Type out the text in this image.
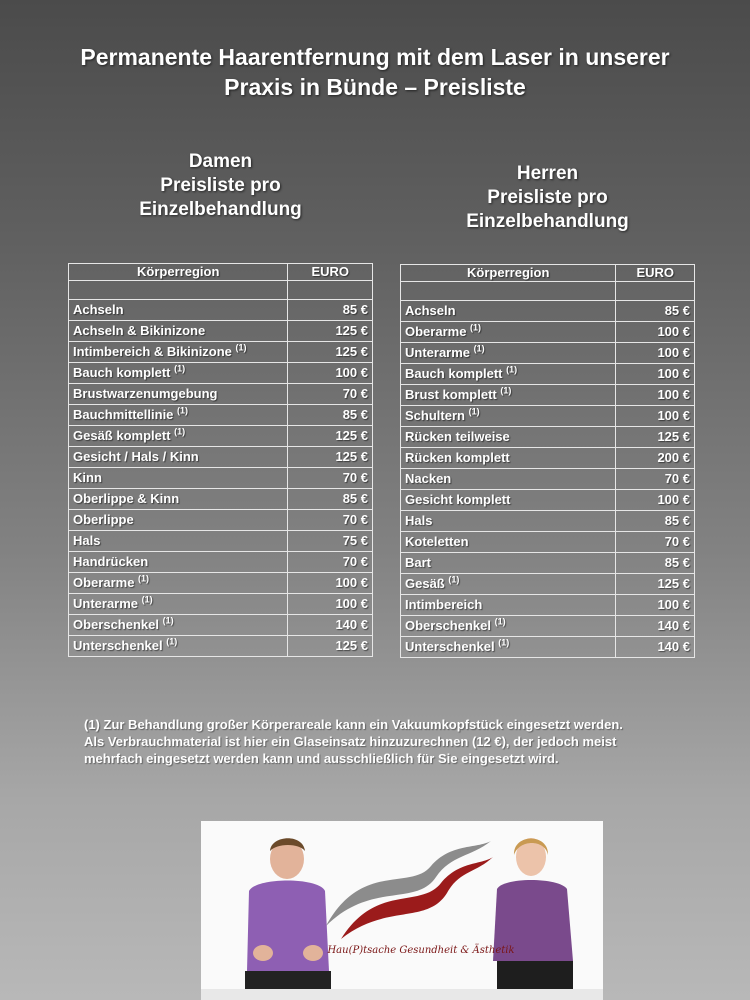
Permanente Haarentfernung mit dem Laser in unserer
Praxis in Bünde – Preisliste
Damen
Preisliste pro
Einzelbehandlung
Herren
Preisliste pro
Einzelbehandlung
Körperregion	EURO

Achseln	85 €
Achseln & Bikinizone	125 €
Intimbereich & Bikinizone $^{(1)}$	125 €
Bauch komplett $^{(1)}$	100 €
Brustwarzenumgebung	70 €
Bauchmittellinie $^{(1)}$	85 €
Gesäß komplett $^{(1)}$	125 €
Gesicht / Hals / Kinn	125 €
Kinn	70 €
Oberlippe & Kinn	85 €
Oberlippe	70 €
Hals	75 €
Handrücken	70 €
Oberarme $^{(1)}$	100 €
Unterarme $^{(1)}$	100 €
Oberschenkel $^{(1)}$	140 €
Unterschenkel $^{(1)}$	125 €
Körperregion	EURO

Achseln	85 €
Oberarme $^{(1)}$	100 €
Unterarme $^{(1)}$	100 €
Bauch komplett $^{(1)}$	100 €
Brust komplett $^{(1)}$	100 €
Schultern $^{(1)}$	100 €
Rücken teilweise	125 €
Rücken komplett	200 €
Nacken	70 €
Gesicht komplett	100 €
Hals	85 €
Koteletten	70 €
Bart	85 €
Gesäß $^{(1)}$	125 €
Intimbereich	100 €
Oberschenkel $^{(1)}$	140 €
Unterschenkel $^{(1)}$	140 €
(1) Zur Behandlung großer Körperareale kann ein Vakuumkopfstück eingesetzt werden.
Als Verbrauchmaterial ist hier ein Glaseinsatz hinzuzurechnen (12 €), der jedoch meist
mehrfach eingesetzt werden kann und ausschließlich für Sie eingesetzt wird.
Hau(P)tsache Gesundheit & Ästhetik
